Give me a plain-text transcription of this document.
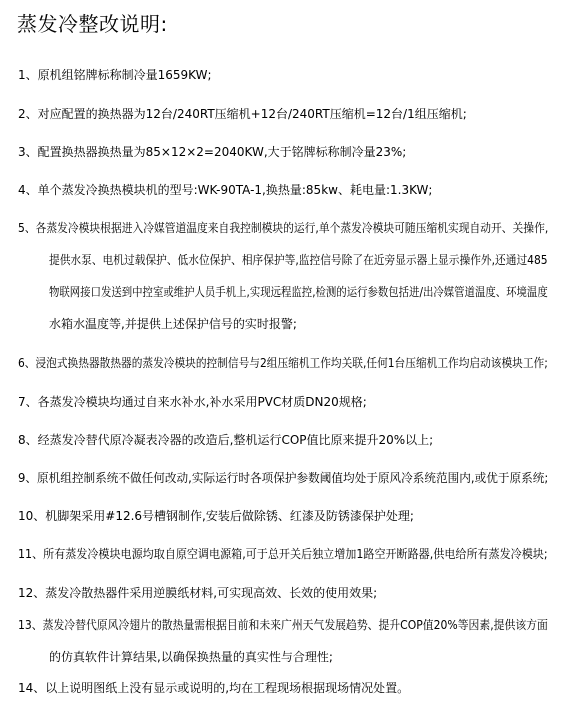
蒸发冷整改说明:
1、原机组铭牌标称制冷量1659KW;
2、对应配置的换热器为12台/240RT压缩机+12台/240RT压缩机=12台/1组压缩机;
3、配置换热器换热量为85×12×2=2040KW,大于铭牌标称制冷量23%;
4、单个蒸发冷换热模块机的型号:WK-90TA-1,换热量:85kw、耗电量:1.3KW;
5、各蒸发冷模块根据进入冷媒管道温度来自我控制模块的运行,单个蒸发冷模块可随压缩机实现自动开、关操作,
提供水泵、电机过载保护、低水位保护、相序保护等,监控信号除了在近旁显示器上显示操作外,还通过485
物联网接口发送到中控室或维护人员手机上,实现远程监控,检测的运行参数包括进/出冷媒管道温度、环境温度
水箱水温度等,并提供上述保护信号的实时报警;
6、浸泡式换热器散热器的蒸发冷模块的控制信号与2组压缩机工作均关联,任何1台压缩机工作均启动该模块工作;
7、各蒸发冷模块均通过自来水补水,补水采用PVC材质DN20规格;
8、经蒸发冷替代原冷凝表冷器的改造后,整机运行COP值比原来提升20%以上;
9、原机组控制系统不做任何改动,实际运行时各项保护参数阈值均处于原风冷系统范围内,或优于原系统;
10、机脚架采用#12.6号槽钢制作,安装后做除锈、红漆及防锈漆保护处理;
11、所有蒸发冷模块电源均取自原空调电源箱,可于总开关后独立增加1路空开断路器,供电给所有蒸发冷模块;
12、蒸发冷散热器件采用逆膜纸材料,可实现高效、长效的使用效果;
13、蒸发冷替代原风冷翅片的散热量需根据目前和未来广州天气发展趋势、提升COP值20%等因素,提供该方面
的仿真软件计算结果,以确保换热量的真实性与合理性;
14、以上说明图纸上没有显示或说明的,均在工程现场根据现场情况处置。
